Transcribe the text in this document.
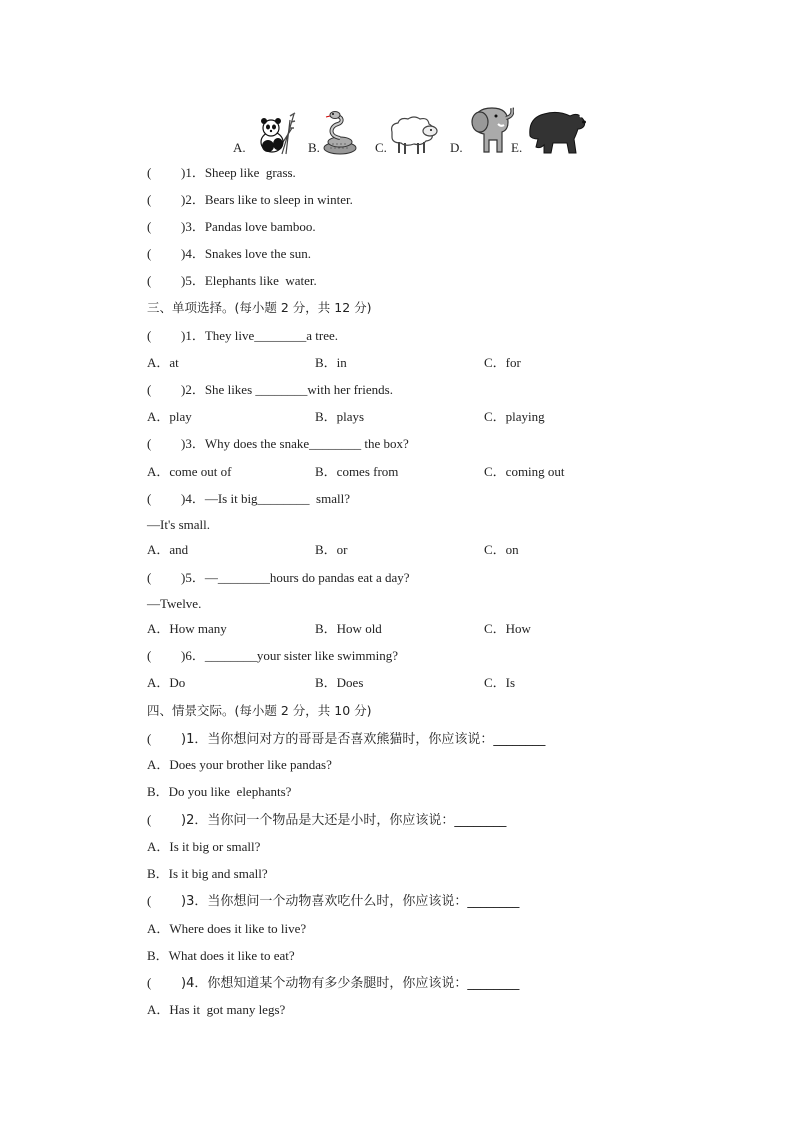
A.	B.	C.	D.	E.
( )1．Sheep like  grass.
( )2．Bears like to sleep in winter.
( )3．Pandas love bamboo.
( )4．Snakes love the sun.
( )5．Elephants like  water.
三、单项选择。(每小题 2 分，共 12 分)
( )1．They live________a tree.
A．at	B．in	C．for
( )2．She likes ________with her friends.
A．play	B．plays	C．playing
( )3．Why does the snake________ the box?
A．come out of	B．comes from	C．coming out
( )4．—Is it big________  small?
—It's small.
A．and	B．or	C．on
( )5．—________hours do pandas eat a day?
—Twelve.
A．How many	B．How old	C．How
( )6．________your sister like swimming?
A．Do	B．Does	C．Is
四、情景交际。(每小题 2 分，共 10 分)
( )1．当你想问对方的哥哥是否喜欢熊猫时，你应该说：________
A．Does your brother like pandas?
B．Do you like  elephants?
( )2．当你问一个物品是大还是小时，你应该说：________
A．Is it big or small?
B．Is it big and small?
( )3．当你想问一个动物喜欢吃什么时，你应该说：________
A．Where does it like to live?
B．What does it like to eat?
( )4．你想知道某个动物有多少条腿时，你应该说：________
A．Has it  got many legs?
